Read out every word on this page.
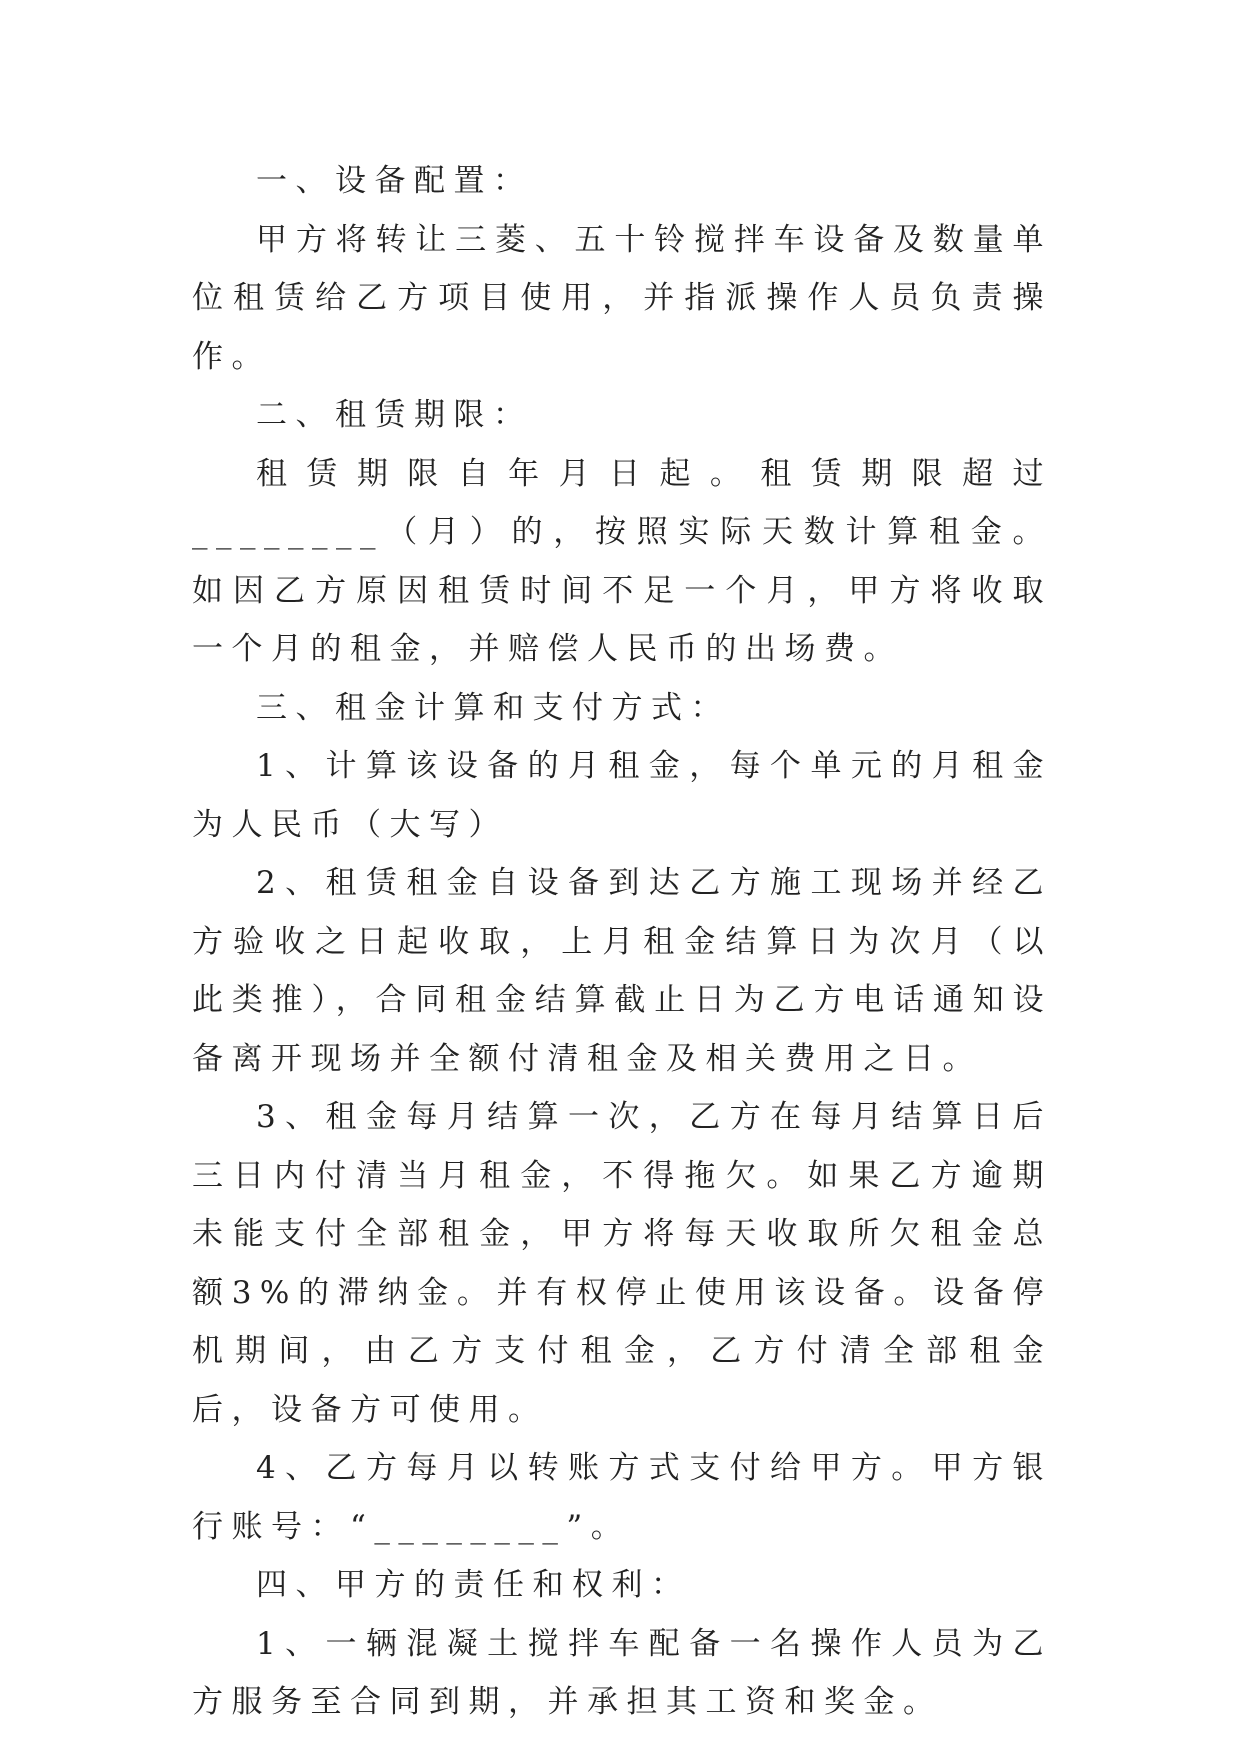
一、设备配置：

甲方将转让三菱、五十铃搅拌车设备及数量单位租赁给乙方项目使用，并指派操作人员负责操作。

二、租赁期限：

租赁期限自年月日起。租赁期限超过________（月）的，按照实际天数计算租金。如因乙方原因租赁时间不足一个月，甲方将收取一个月的租金，并赔偿人民币的出场费。

三、租金计算和支付方式：

1、计算该设备的月租金，每个单元的月租金为人民币（大写）

2、租赁租金自设备到达乙方施工现场并经乙方验收之日起收取，上月租金结算日为次月（以此类推），合同租金结算截止日为乙方电话通知设备离开现场并全额付清租金及相关费用之日。

3、租金每月结算一次，乙方在每月结算日后三日内付清当月租金，不得拖欠。如果乙方逾期未能支付全部租金，甲方将每天收取所欠租金总额3%的滞纳金。并有权停止使用该设备。设备停机期间，由乙方支付租金，乙方付清全部租金后，设备方可使用。

4、乙方每月以转账方式支付给甲方。甲方银行账号：“________”。

四、甲方的责任和权利：

1、一辆混凝土搅拌车配备一名操作人员为乙方服务至合同到期，并承担其工资和奖金。
